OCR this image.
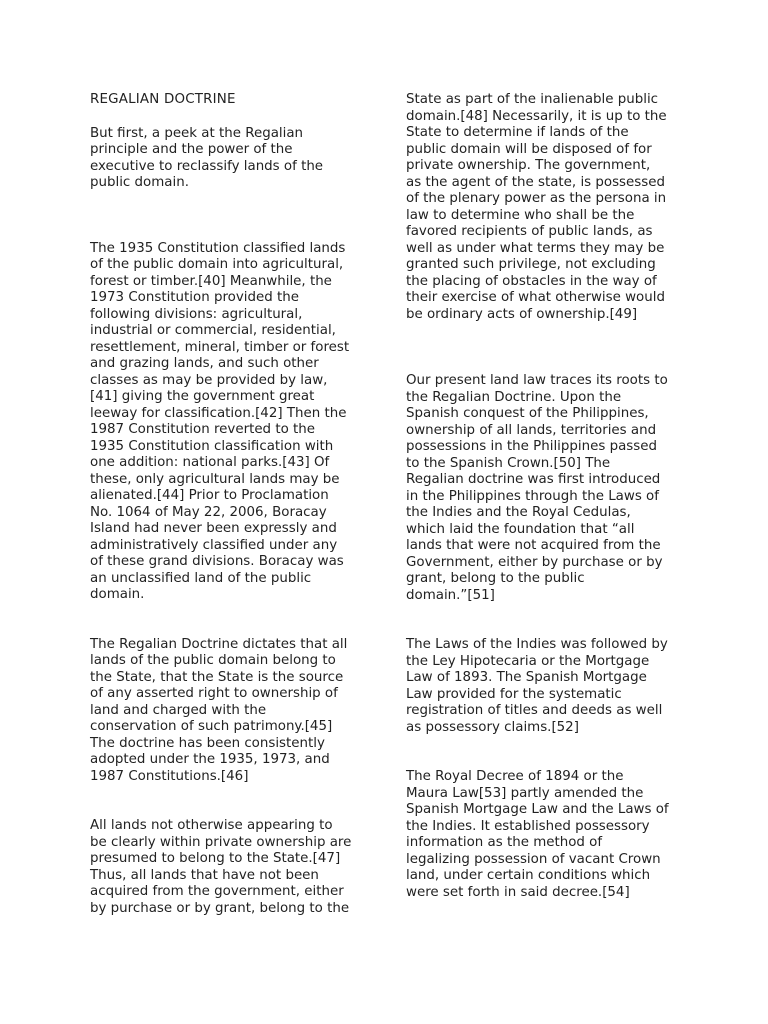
REGALIAN DOCTRINE

But first, a peek at the Regalian
principle and the power of the
executive to reclassify lands of the
public domain.

The 1935 Constitution classified lands
of the public domain into agricultural,
forest or timber.[40] Meanwhile, the
1973 Constitution provided the
following divisions: agricultural,
industrial or commercial, residential,
resettlement, mineral, timber or forest
and grazing lands, and such other
classes as may be provided by law,
[41] giving the government great
leeway for classification.[42] Then the
1987 Constitution reverted to the
1935 Constitution classification with
one addition: national parks.[43] Of
these, only agricultural lands may be
alienated.[44] Prior to Proclamation
No. 1064 of May 22, 2006, Boracay
Island had never been expressly and
administratively classified under any
of these grand divisions. Boracay was
an unclassified land of the public
domain.

The Regalian Doctrine dictates that all
lands of the public domain belong to
the State, that the State is the source
of any asserted right to ownership of
land and charged with the
conservation of such patrimony.[45]
The doctrine has been consistently
adopted under the 1935, 1973, and
1987 Constitutions.[46]

All lands not otherwise appearing to
be clearly within private ownership are
presumed to belong to the State.[47]
Thus, all lands that have not been
acquired from the government, either
by purchase or by grant, belong to the

State as part of the inalienable public
domain.[48] Necessarily, it is up to the
State to determine if lands of the
public domain will be disposed of for
private ownership. The government,
as the agent of the state, is possessed
of the plenary power as the persona in
law to determine who shall be the
favored recipients of public lands, as
well as under what terms they may be
granted such privilege, not excluding
the placing of obstacles in the way of
their exercise of what otherwise would
be ordinary acts of ownership.[49]

Our present land law traces its roots to
the Regalian Doctrine. Upon the
Spanish conquest of the Philippines,
ownership of all lands, territories and
possessions in the Philippines passed
to the Spanish Crown.[50] The
Regalian doctrine was first introduced
in the Philippines through the Laws of
the Indies and the Royal Cedulas,
which laid the foundation that “all
lands that were not acquired from the
Government, either by purchase or by
grant, belong to the public
domain.”[51]

The Laws of the Indies was followed by
the Ley Hipotecaria or the Mortgage
Law of 1893. The Spanish Mortgage
Law provided for the systematic
registration of titles and deeds as well
as possessory claims.[52]

The Royal Decree of 1894 or the
Maura Law[53] partly amended the
Spanish Mortgage Law and the Laws of
the Indies. It established possessory
information as the method of
legalizing possession of vacant Crown
land, under certain conditions which
were set forth in said decree.[54]
